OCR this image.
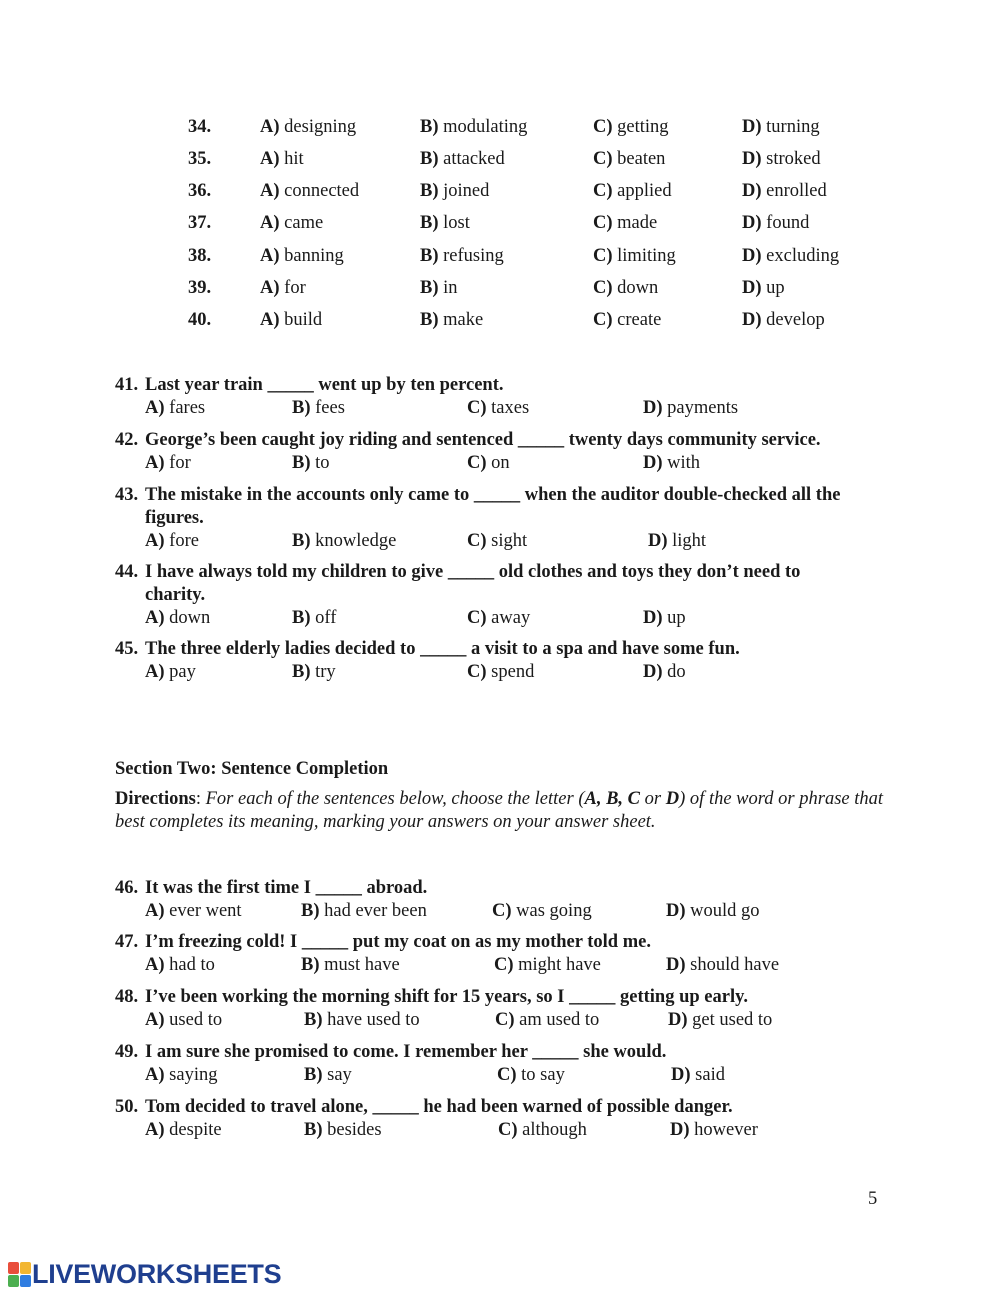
34.	A) designing	B) modulating	C) getting	D) turning
35.	A) hit	B) attacked	C) beaten	D) stroked
36.	A) connected	B) joined	C) applied	D) enrolled
37.	A) came	B) lost	C) made	D) found
38.	A) banning	B) refusing	C) limiting	D) excluding
39.	A) for	B) in	C) down	D) up
40.	A) build	B) make	C) create	D) develop
41. Last year train _____ went up by ten percent.
A) fares	B) fees	C) taxes	D) payments
42. George’s been caught joy riding and sentenced _____ twenty days community service.
A) for	B) to	C) on	D) with
43. The mistake in the accounts only came to _____ when the auditor double-checked all the
figures.
A) fore	B) knowledge	C) sight	D) light
44. I have always told my children to give _____ old clothes and toys they don’t need to
charity.
A) down	B) off	C) away	D) up
45. The three elderly ladies decided to _____ a visit to a spa and have some fun.
A) pay	B) try	C) spend	D) do
Section Two: Sentence Completion
Directions: For each of the sentences below, choose the letter (A, B, C or D) of the word or phrase that best completes its meaning, marking your answers on your answer sheet.
46. It was the first time I _____ abroad.
A) ever went	B) had ever been	C) was going	D) would go
47. I’m freezing cold! I _____ put my coat on as my mother told me.
A) had to	B) must have	C) might have	D) should have
48. I’ve been working the morning shift for 15 years, so I _____ getting up early.
A) used to	B) have used to	C) am used to	D) get used to
49. I am sure she promised to come. I remember her _____ she would.
A) saying	B) say	C) to say	D) said
50. Tom decided to travel alone, _____ he had been warned of possible danger.
A) despite	B) besides	C) although	D) however
5
LIVEWORKSHEETS
